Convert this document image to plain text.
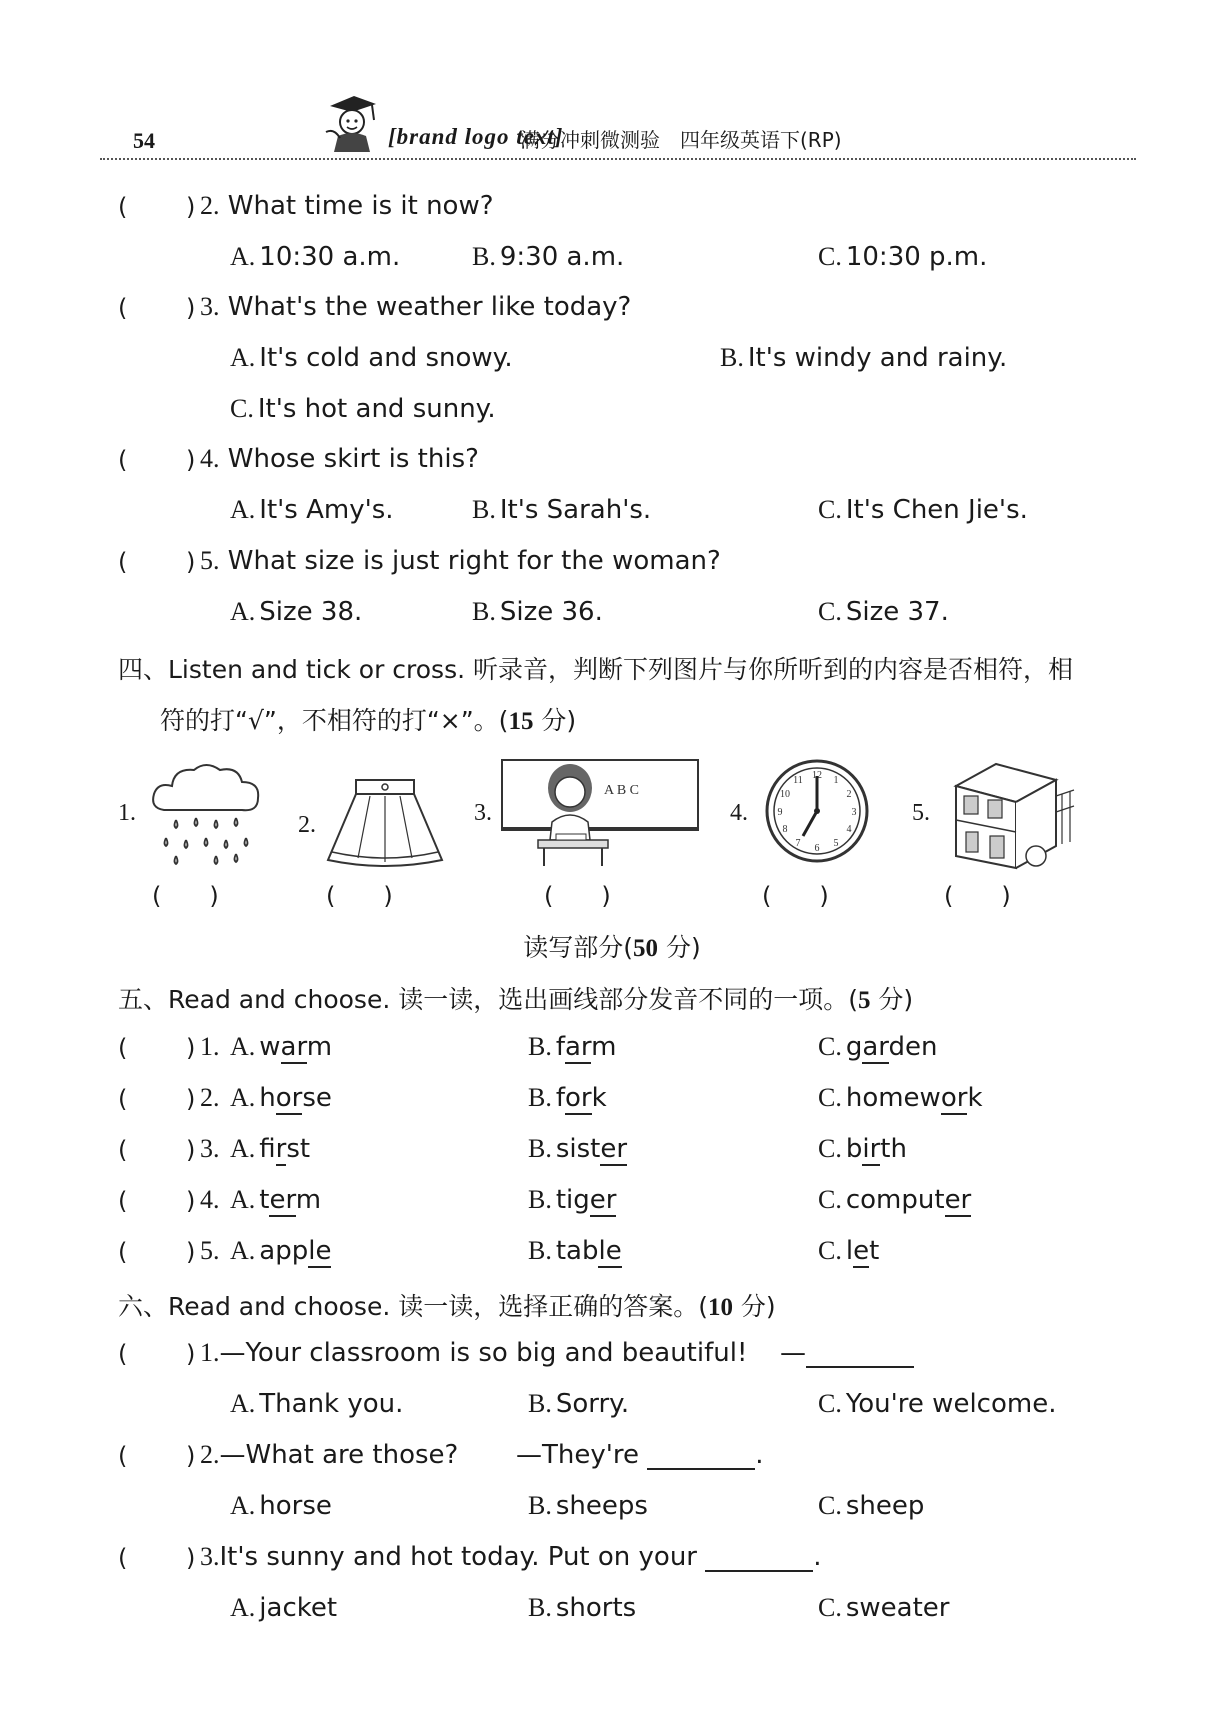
54	[brand logo text]
满分冲刺微测验　四年级英语下(RP)
( ) 2. What time is it now?
A. 10:30 a.m.	B. 9:30 a.m.	C. 10:30 p.m.
( ) 3. What's the weather like today?
A. It's cold and snowy.	B. It's windy and rainy.
C. It's hot and sunny.
( ) 4. Whose skirt is this?
A. It's Amy's.	B. It's Sarah's.	C. It's Chen Jie's.
( ) 5. What size is just right for the woman?
A. Size 38.	B. Size 36.	C. Size 37.
四、Listen and tick or cross. 听录音，判断下列图片与你所听到的内容是否相符，相
符的打“√”，不相符的打“×”。(15 分)
1.
(　　)
2.
(　　)
3.
A B C
(　　)
4.
12 1
2
3
4
5
6
7
8
9
10
11
(　　)
5.
(　　)
读写部分(50 分)
五、Read and choose. 读一读，选出画线部分发音不同的一项。(5 分)
( ) 1. A. warm	B. farm	C. garden
( ) 2. A. horse	B. fork	C. homework
( ) 3. A. first	B. sister	C. birth
( ) 4. A. term	B. tiger	C. computer
( ) 5. A. apple	B. table	C. let
六、Read and choose. 读一读，选择正确的答案。(10 分)
( ) 1.—Your classroom is so big and beautiful! —
A. Thank you.	B. Sorry.	C. You're welcome.
( ) 2.—What are those? —They're	.
A. horse	B. sheeps	C. sheep
( ) 3.It's sunny and hot today. Put on your	.
A. jacket	B. shorts	C. sweater
